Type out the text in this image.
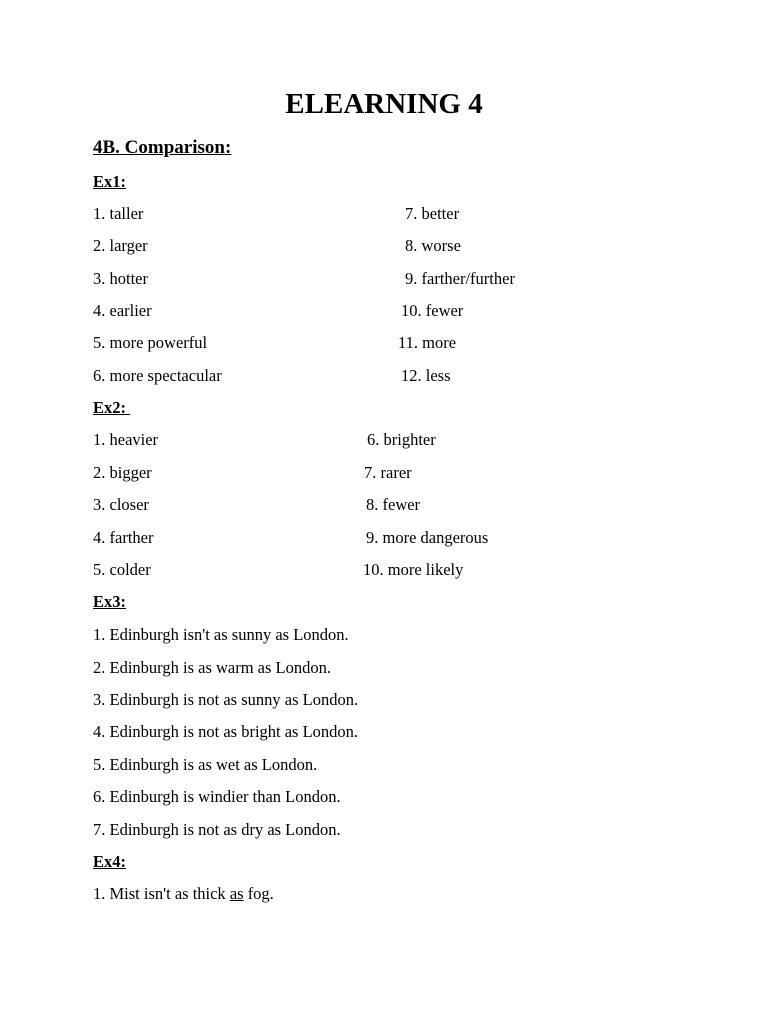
ELEARNING 4
4B. Comparison:
Ex1:
1. taller
2. larger
3. hotter
4. earlier
5. more powerful
6. more spectacular
7. better
8. worse
9. farther/further
10. fewer
11. more
12. less
Ex2:
1. heavier
2. bigger
3. closer
4. farther
5. colder
6. brighter
7. rarer
8. fewer
9. more dangerous
10. more likely
Ex3:
1. Edinburgh isn't as sunny as London.
2. Edinburgh is as warm as London.
3. Edinburgh is not as sunny as London.
4. Edinburgh is not as bright as London.
5. Edinburgh is as wet as London.
6. Edinburgh is windier than London.
7. Edinburgh is not as dry as London.
Ex4:
1. Mist isn't as thick as fog.
